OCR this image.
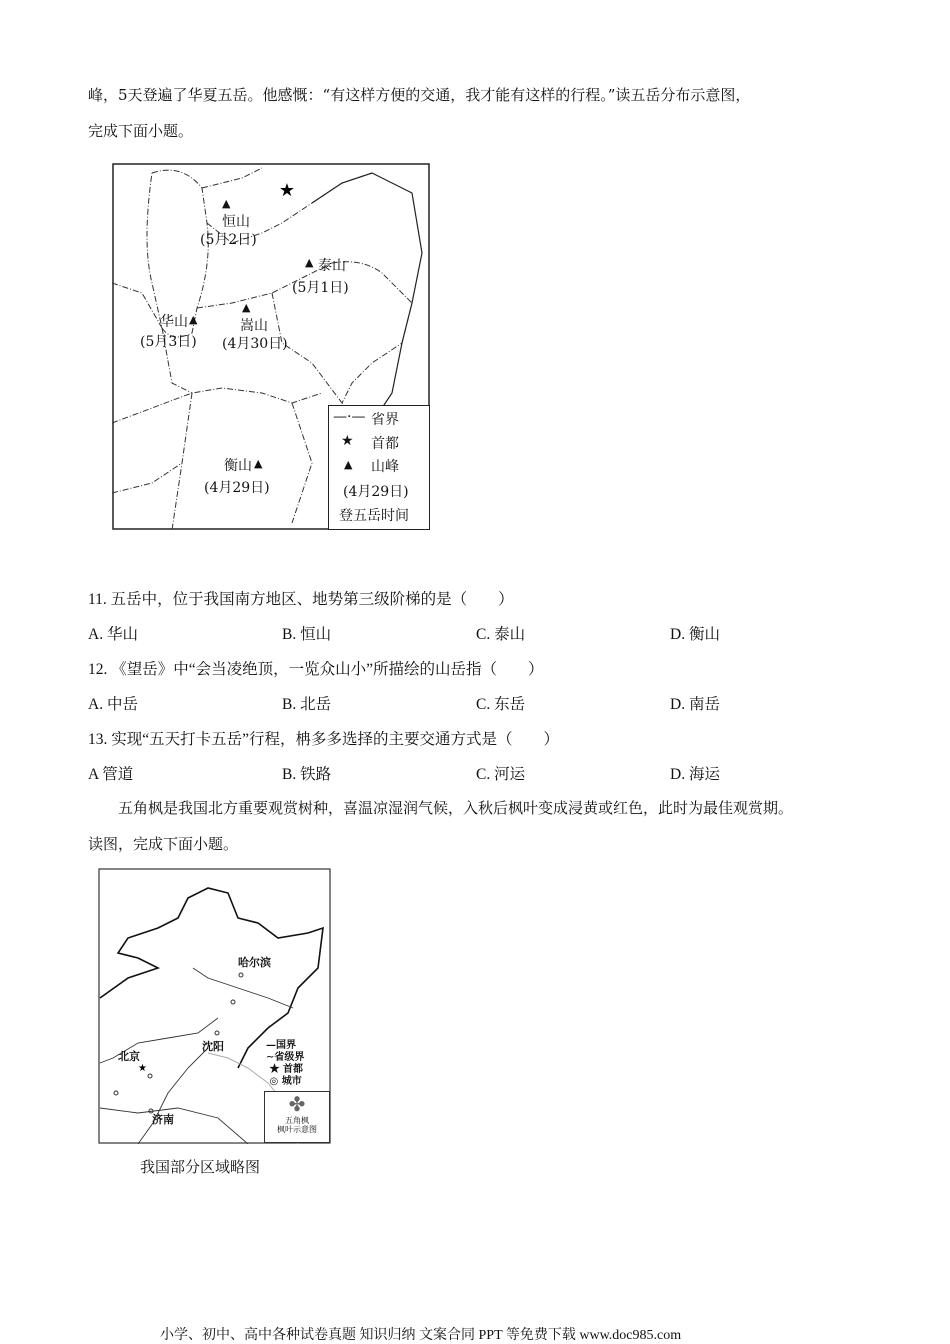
峰，5天登遍了华夏五岳。他感慨：“有这样方便的交通，我才能有这样的行程。”读五岳分布示意图，
完成下面小题。
★
恒山
▲
(5月2日)
▲ 泰山
(5月1日)
▲
嵩山
(4月30日)
华山 ▲
(5月3日)
衡山 ▲
(4月29日)
—·— 省界
★ 首都
▲ 山峰
(4月29日)
登五岳时间
11. 五岳中，位于我国南方地区、地势第三级阶梯的是（　　）
A. 华山	B. 恒山	C. 泰山	D. 衡山
12. 《望岳》中“会当凌绝顶，一览众山小”所描绘的山岳指（　　）
A. 中岳	B. 北岳	C. 东岳	D. 南岳
13. 实现“五天打卡五岳”行程，柟多多选择的主要交通方式是（　　）
A 管道	B. 铁路	C. 河运	D. 海运
五角枫是我国北方重要观赏树种，喜温凉湿润气候，入秋后枫叶变成浸黄或红色，此时为最佳观赏期。
读图，完成下面小题。
★
哈尔滨
沈阳
北京
济南
—国界
∼省级界
★ 首都
◎ 城市
✤
五角枫
枫叶示意图
我国部分区域略图
小学、初中、高中各种试卷真题 知识归纳 文案合同 PPT 等免费下载 www.doc985.com
